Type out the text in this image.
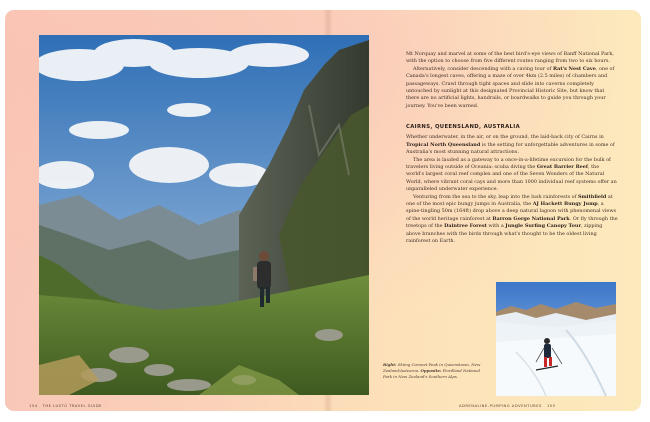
Mt Norquay and marvel at some of the best bird's-eye views of Banff National Park, with the option to choose from five different routes ranging from two to six hours.

Alternatively, consider descending with a caving tour of Rat's Nest Cave, one of Canada's longest caves, offering a maze of over 4km (2.5 miles) of chambers and passageways. Crawl through tight spaces and slide into caverns completely untouched by sunlight at this designated Provincial Historic Site, but know that there are no artificial lights, handrails, or boardwalks to guide you through your journey. You've been warned.

CAIRNS, QUEENSLAND, AUSTRALIA

Whether underwater, in the air, or on the ground, the laid-back city of Cairns in Tropical North Queensland is the setting for unforgettable adventures in some of Australia's most stunning natural attractions.

The area is lauded as a gateway to a once-in-a-lifetime excursion for the bulk of travelers living outside of Oceania: scuba diving the Great Barrier Reef, the world's largest coral reef complex and one of the Seven Wonders of the Natural World, where vibrant coral cays and more than 1000 individual reef systems offer an unparalleled underwater experience.

Venturing from the sea to the sky, leap into the lush rainforests of Smithfield at one of the most epic bungy jumps in Australia, the AJ Hackett Bungy Jump, a spine-tingling 50m (164ft) drop above a deep natural lagoon with phenomenal views of the world heritage rainforest at Barron Gorge National Park. Or fly through the treetops of the Daintree Forest with a Jungle Surfing Canopy Tour, zipping above branches with the birds through what's thought to be the oldest living rainforest on Earth.

Right: Skiing Coronet Peak in Queenstown, New Zealand/Aotearoa. Opposite: Fiordland National Park in New Zealand's Southern Alps.
154 THE LUSTÜ TRAVEL GUIDE	ADRENALINE-PUMPING ADVENTURES 155
